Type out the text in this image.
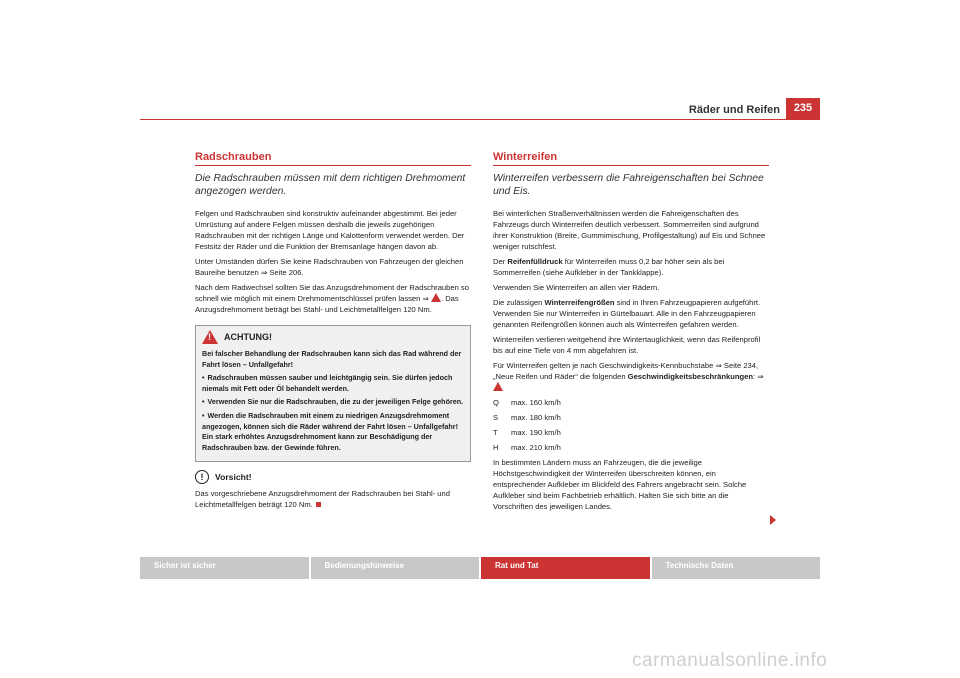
Räder und Reifen	235
Radschrauben
Die Radschrauben müssen mit dem richtigen Drehmoment angezogen werden.

Felgen und Radschrauben sind konstruktiv aufeinander abgestimmt. Bei jeder Umrüstung auf andere Felgen müssen deshalb die jeweils zugehörigen Radschrauben mit der richtigen Länge und Kalottenform verwendet werden. Der Festsitz der Räder und die Funktion der Bremsanlage hängen davon ab.

Unter Umständen dürfen Sie keine Radschrauben von Fahrzeugen der gleichen Baureihe benutzen ⇒ Seite 206.

Nach dem Radwechsel sollten Sie das Anzugsdrehmoment der Radschrauben so schnell wie möglich mit einem Drehmomentschlüssel prüfen lassen ⇒ . Das Anzugsdrehmoment beträgt bei Stahl- und Leichtmetallfelgen 120 Nm.

! ACHTUNG!

Bei falscher Behandlung der Radschrauben kann sich das Rad während der Fahrt lösen – Unfallgefahr!

• Radschrauben müssen sauber und leichtgängig sein. Sie dürfen jedoch niemals mit Fett oder Öl behandelt werden.

• Verwenden Sie nur die Radschrauben, die zu der jeweiligen Felge gehören.

• Werden die Radschrauben mit einem zu niedrigen Anzugsdrehmoment angezogen, können sich die Räder während der Fahrt lösen – Unfallgefahr! Ein stark erhöhtes Anzugsdrehmoment kann zur Beschädigung der Radschrauben bzw. der Gewinde führen.

!	Vorsicht!

Das vorgeschriebene Anzugsdrehmoment der Radschrauben bei Stahl- und Leichtmetallfelgen beträgt 120 Nm.

Winterreifen
Winterreifen verbessern die Fahreigenschaften bei Schnee und Eis.

Bei winterlichen Straßenverhältnissen werden die Fahreigenschaften des Fahrzeugs durch Winterreifen deutlich verbessert. Sommerreifen sind aufgrund ihrer Konstruktion (Breite, Gummimischung, Profilgestaltung) auf Eis und Schnee weniger rutschfest.

Der Reifenfülldruck für Winterreifen muss 0,2 bar höher sein als bei Sommerreifen (siehe Aufkleber in der Tankklappe).

Verwenden Sie Winterreifen an allen vier Rädern.

Die zulässigen Winterreifengrößen sind in Ihren Fahrzeugpapieren aufgeführt. Verwenden Sie nur Winterreifen in Gürtelbauart. Alle in den Fahrzeugpapieren genannten Reifengrößen können auch als Winterreifen gefahren werden.

Winterreifen verlieren weitgehend ihre Wintertauglichkeit, wenn das Reifenprofil bis auf eine Tiefe von 4 mm abgefahren ist.

Für Winterreifen gelten je nach Geschwindigkeits-Kennbuchstabe ⇒ Seite 234, „Neue Reifen und Räder“ die folgenden Geschwindigkeitsbeschränkungen: ⇒

Q	max. 160 km/h
S	max. 180 km/h
T	max. 190 km/h
H	max. 210 km/h

In bestimmten Ländern muss an Fahrzeugen, die die jeweilige Höchstgeschwindigkeit der Winterreifen überschreiten können, ein entsprechender Aufkleber im Blickfeld des Fahrers angebracht sein. Solche Aufkleber sind beim Fachbetrieb erhältlich. Halten Sie sich bitte an die Vorschriften des jeweiligen Landes.

Sicher ist sicher	Bedienungshinweise	Rat und Tat	Technische Daten
carmanualsonline.info
